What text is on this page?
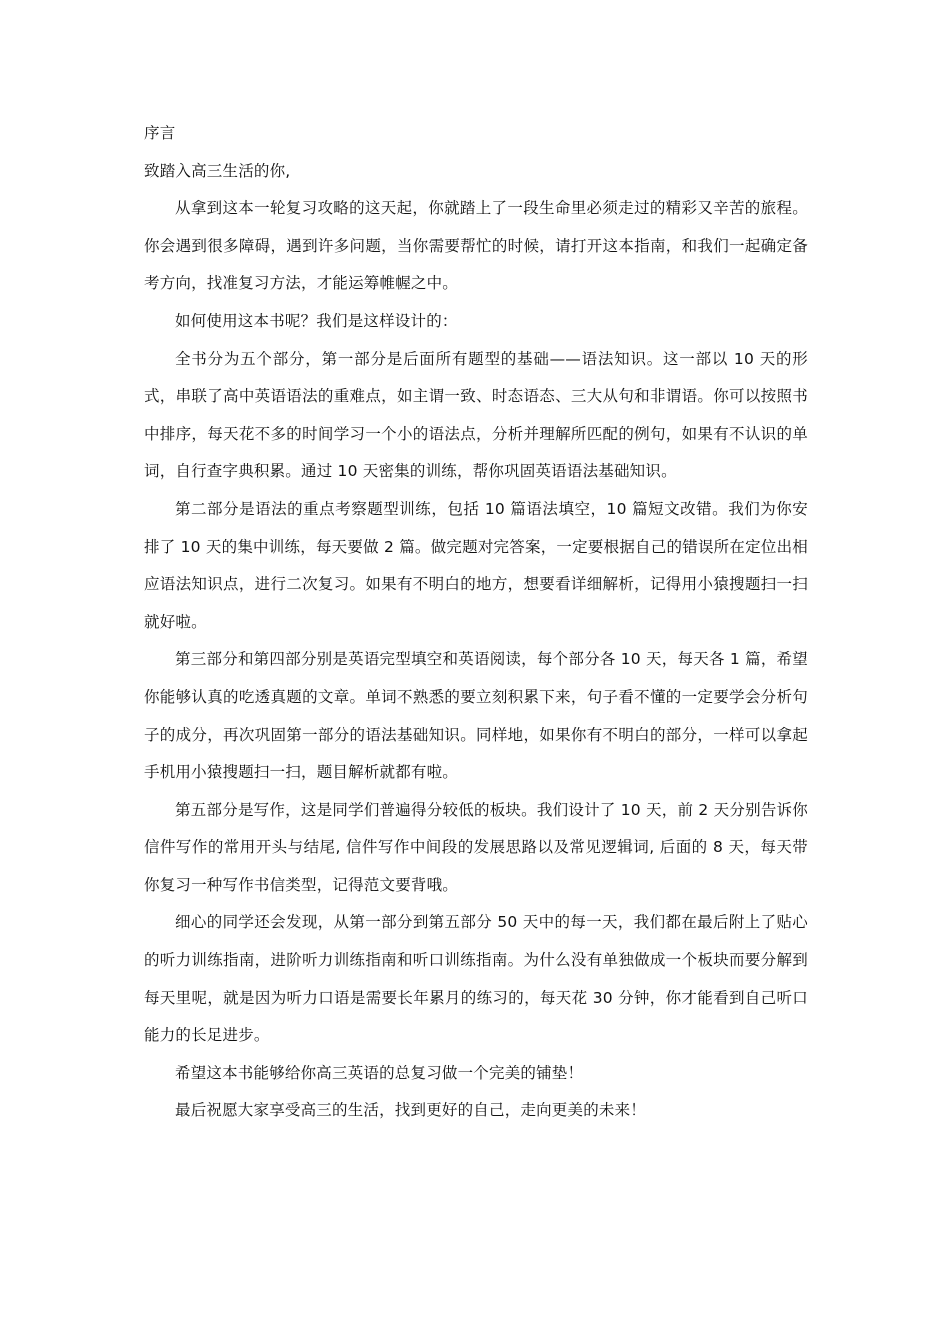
序言

致踏入高三生活的你,

从拿到这本一轮复习攻略的这天起，你就踏上了一段生命里必须走过的精彩又辛苦的旅程。 你会遇到很多障碍，遇到许多问题，当你需要帮忙的时候，请打开这本指南，和我们一起确定备考方向，找准复习方法，才能运筹帷幄之中。

如何使用这本书呢？我们是这样设计的：

全书分为五个部分，第一部分是后面所有题型的基础——语法知识。这一部以 10 天的形式，串联了高中英语语法的重难点，如主谓一致、时态语态、三大从句和非谓语。你可以按照书中排序，每天花不多的时间学习一个小的语法点，分析并理解所匹配的例句，如果有不认识的单词，自行查字典积累。通过 10 天密集的训练，帮你巩固英语语法基础知识。

第二部分是语法的重点考察题型训练，包括 10 篇语法填空，10 篇短文改错。我们为你安排了 10 天的集中训练，每天要做 2 篇。做完题对完答案，一定要根据自己的错误所在定位出相应语法知识点，进行二次复习。如果有不明白的地方，想要看详细解析，记得用小猿搜题扫一扫就好啦。

第三部分和第四部分别是英语完型填空和英语阅读，每个部分各 10 天，每天各 1 篇，希望你能够认真的吃透真题的文章。单词不熟悉的要立刻积累下来，句子看不懂的一定要学会分析句子的成分，再次巩固第一部分的语法基础知识。同样地，如果你有不明白的部分，一样可以拿起手机用小猿搜题扫一扫，题目解析就都有啦。

第五部分是写作，这是同学们普遍得分较低的板块。我们设计了 10 天，前 2 天分别告诉你信件写作的常用开头与结尾, 信件写作中间段的发展思路以及常见逻辑词, 后面的 8 天，每天带你复习一种写作书信类型，记得范文要背哦。

细心的同学还会发现，从第一部分到第五部分 50 天中的每一天，我们都在最后附上了贴心的听力训练指南，进阶听力训练指南和听口训练指南。为什么没有单独做成一个板块而要分解到每天里呢，就是因为听力口语是需要长年累月的练习的，每天花 30 分钟，你才能看到自己听口能力的长足进步。

希望这本书能够给你高三英语的总复习做一个完美的铺垫！

最后祝愿大家享受高三的生活，找到更好的自己，走向更美的未来！
